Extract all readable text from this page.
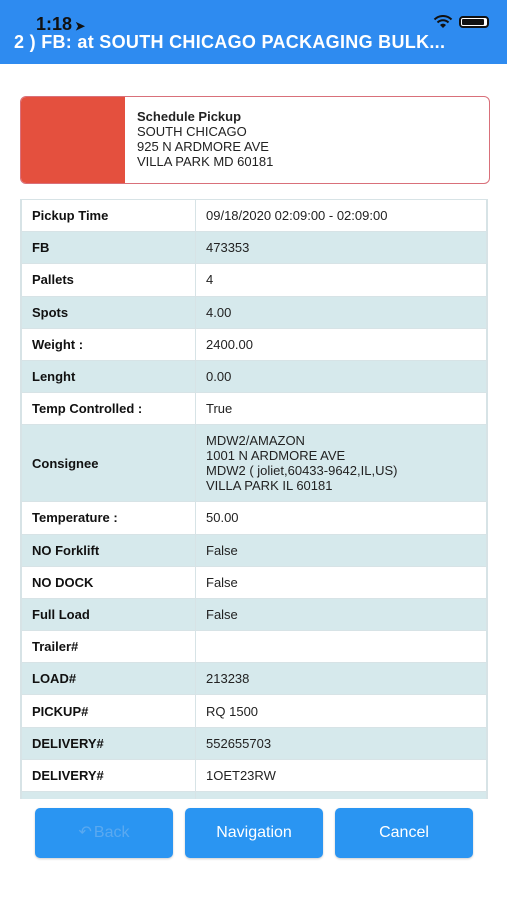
1:18 ➤
2 ) FB: at SOUTH CHICAGO PACKAGING BULK...
Schedule Pickup
SOUTH CHICAGO
925 N ARDMORE AVE
VILLA PARK MD 60181
Pickup Time	09/18/2020 02:09:00 - 02:09:00
FB	473353
Pallets	4
Spots	4.00
Weight :	2400.00
Lenght	0.00
Temp Controlled :	True
Consignee	MDW2/AMAZON
1001 N ARDMORE AVE
MDW2 ( joliet,60433-9642,IL,US)
VILLA PARK IL 60181

Temperature :	50.00
NO Forklift	False
NO DOCK	False
Full Load	False
Trailer#	
LOAD#	213238
PICKUP#	RQ 1500
DELIVERY#	552655703
DELIVERY#	1OET23RW

↶ Back	Navigation	Cancel
